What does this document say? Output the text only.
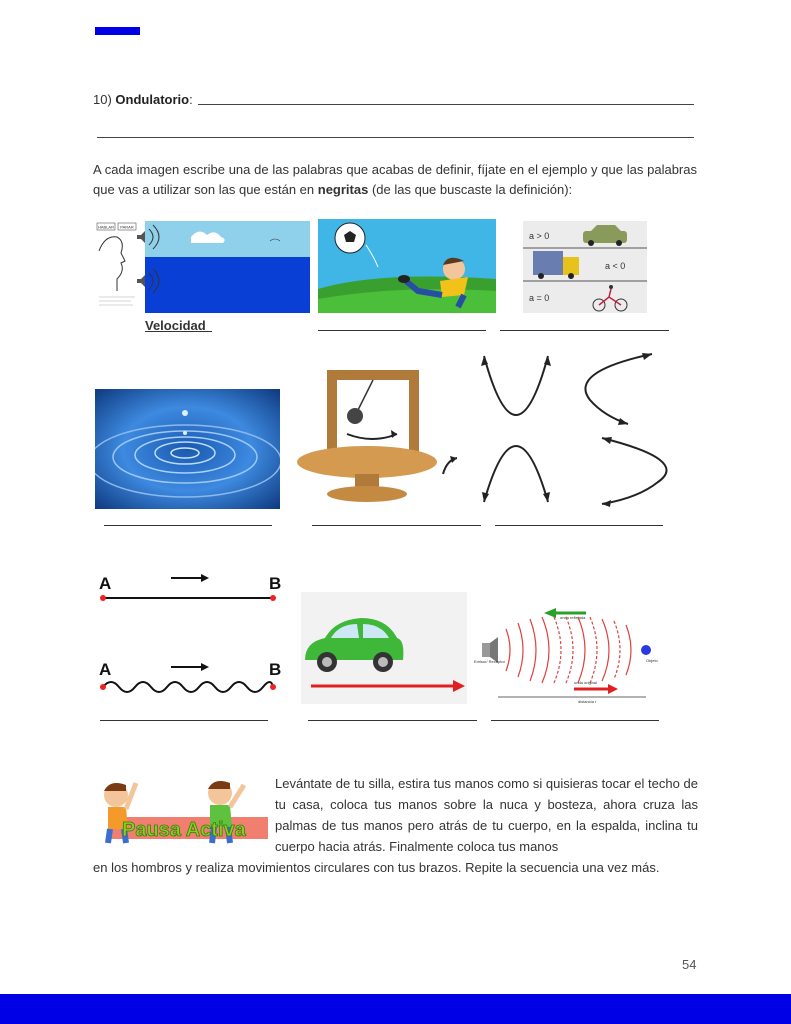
10) Ondulatorio:
A cada imagen escribe una de las palabras que acabas de definir, fíjate en el ejemplo y que las palabras que vas a utilizar son las que están en negritas (de las que buscaste la definición):
HABLAR PARAR
a > 0
a < 0
a = 0
Velocidad
A	B
A	B
onda reflejada
Emisor/ Receptor	Objeto
onda original
distancia r
Pausa Activa
Levántate de tu silla, estira tus manos como si quisieras tocar el techo de tu casa, coloca tus manos sobre la nuca y bosteza, ahora cruza las palmas de tus manos pero atrás de tu cuerpo, en la espalda, inclina tu cuerpo hacia atrás. Finalmente coloca tus manos
en los hombros y realiza movimientos circulares con tus brazos. Repite la secuencia una vez más.
54
